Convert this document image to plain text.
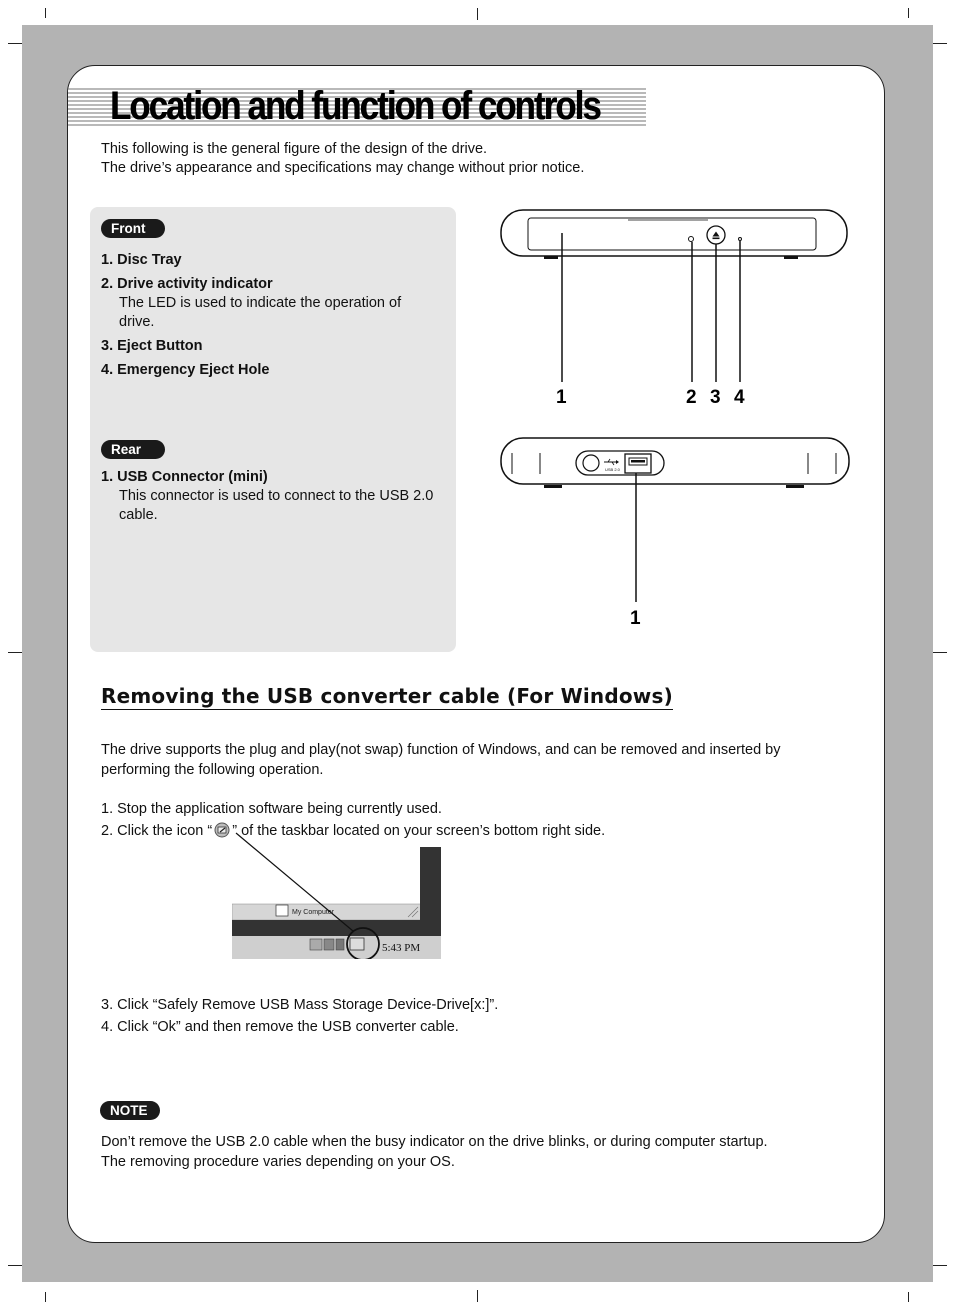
Location and function of controls

This following is the general figure of the design of the drive.

The drive’s appearance and specifications may change without prior notice.

Front
1. Disc Tray
2. Drive activity indicator
The LED is used to indicate the operation of drive.
3. Eject Button
4. Emergency Eject Hole
Rear
1. USB Connector (mini)
This connector is used to connect to the USB 2.0 cable.
1	2 3 4
USB 2.0
1
Removing the USB converter cable (For Windows)

The drive supports the plug and play(not swap) function of Windows, and can be removed and inserted by performing the following operation.

1. Stop the application software being currently used.

2. Click the icon “ ” of the taskbar located on your screen’s bottom right side.

My Computer
5:43 PM

3. Click “Safely Remove USB Mass Storage Device-Drive[x:]”.

4. Click “Ok” and then remove the USB converter cable.

NOTE

Don’t remove the USB 2.0 cable when the busy indicator on the drive blinks, or during computer startup.

The removing procedure varies depending on your OS.
